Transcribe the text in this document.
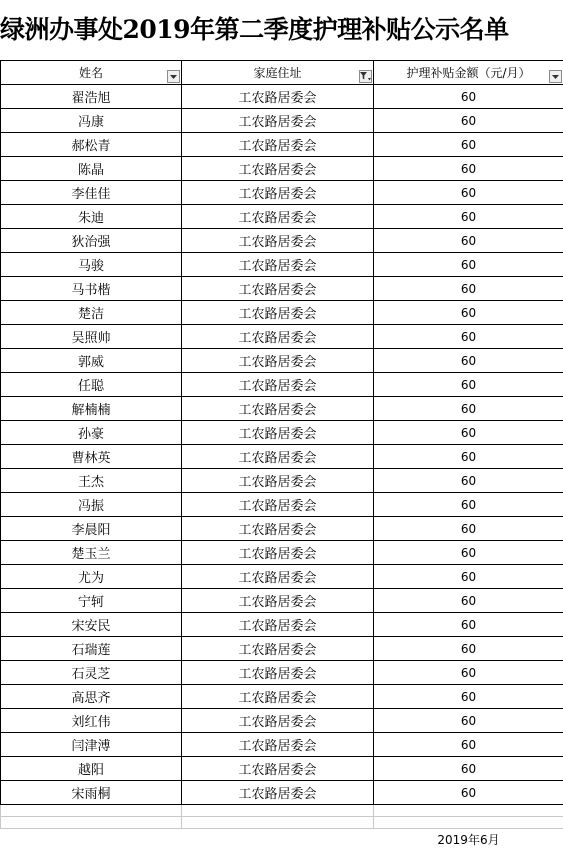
绿洲办事处2019年第二季度护理补贴公示名单
姓名	家庭住址	护理补贴金额（元/月）

翟浩旭	工农路居委会	60
冯康	工农路居委会	60
郝松青	工农路居委会	60
陈晶	工农路居委会	60
李佳佳	工农路居委会	60
朱迪	工农路居委会	60
狄治强	工农路居委会	60
马骏	工农路居委会	60
马书楷	工农路居委会	60
楚洁	工农路居委会	60
吴照帅	工农路居委会	60
郭威	工农路居委会	60
任聪	工农路居委会	60
解楠楠	工农路居委会	60
孙豪	工农路居委会	60
曹林英	工农路居委会	60
王杰	工农路居委会	60
冯振	工农路居委会	60
李晨阳	工农路居委会	60
楚玉兰	工农路居委会	60
尤为	工农路居委会	60
宁轲	工农路居委会	60
宋安民	工农路居委会	60
石瑞莲	工农路居委会	60
石灵芝	工农路居委会	60
高思齐	工农路居委会	60
刘红伟	工农路居委会	60
闫津溥	工农路居委会	60
越阳	工农路居委会	60
宋雨桐	工农路居委会	60

		2019年6月
